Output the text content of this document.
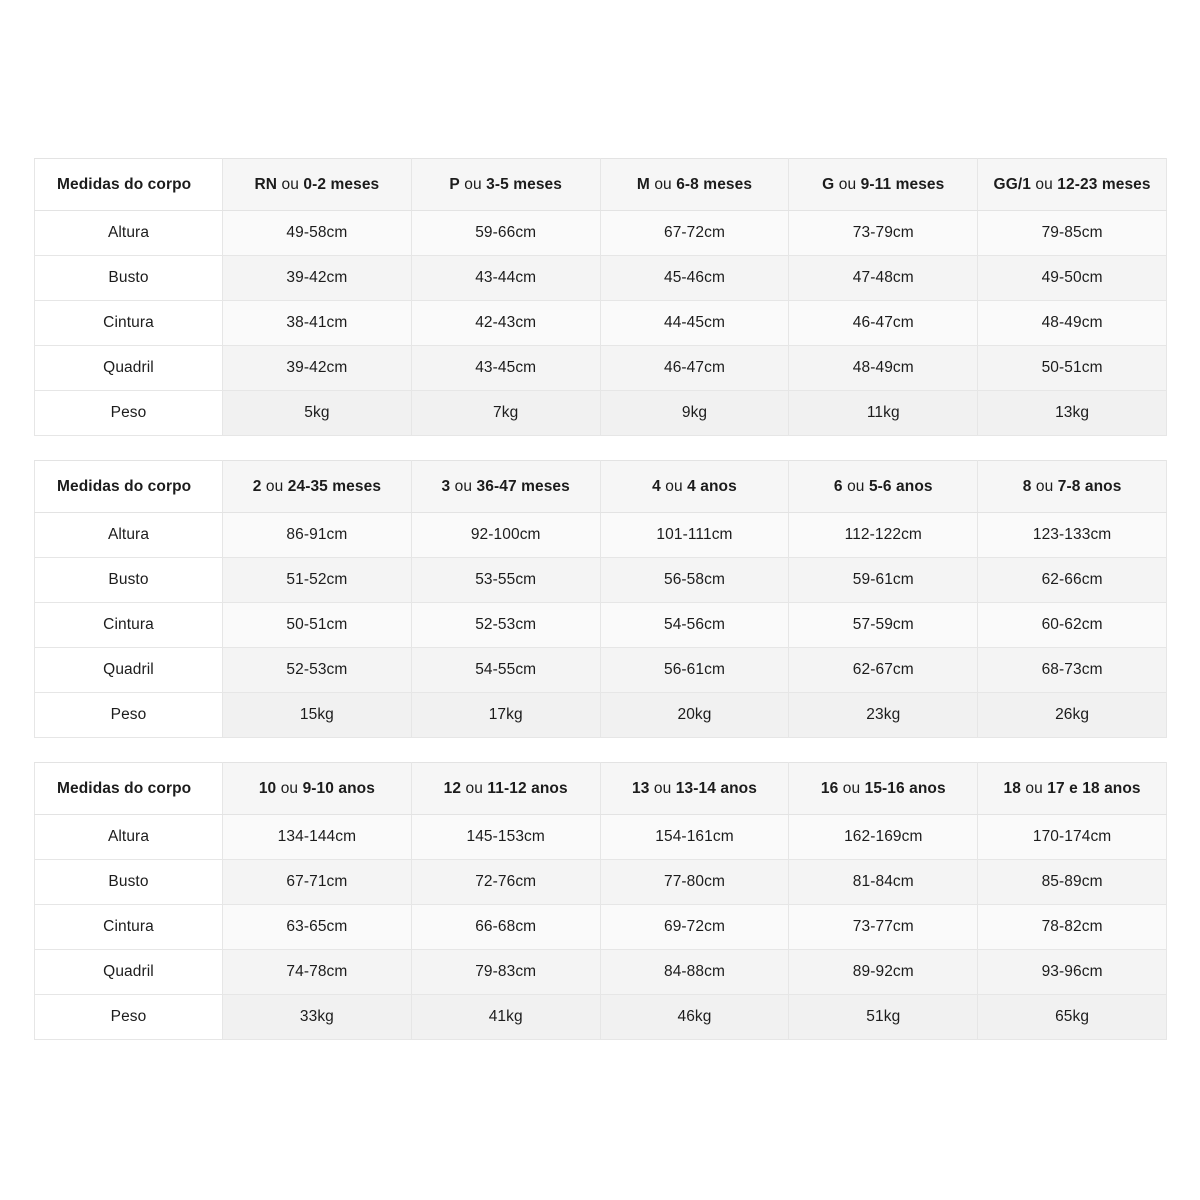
Medidas do corpo	RN ou 0-2 meses	P ou 3-5 meses	M ou 6-8 meses	G ou 9-11 meses	GG/1 ou 12-23 meses
Altura	49-58cm	59-66cm	67-72cm	73-79cm	79-85cm
Busto	39-42cm	43-44cm	45-46cm	47-48cm	49-50cm
Cintura	38-41cm	42-43cm	44-45cm	46-47cm	48-49cm
Quadril	39-42cm	43-45cm	46-47cm	48-49cm	50-51cm
Peso	5kg	7kg	9kg	11kg	13kg
Medidas do corpo	2 ou 24-35 meses	3 ou 36-47 meses	4 ou 4 anos	6 ou 5-6 anos	8 ou 7-8 anos
Altura	86-91cm	92-100cm	101-111cm	112-122cm	123-133cm
Busto	51-52cm	53-55cm	56-58cm	59-61cm	62-66cm
Cintura	50-51cm	52-53cm	54-56cm	57-59cm	60-62cm
Quadril	52-53cm	54-55cm	56-61cm	62-67cm	68-73cm
Peso	15kg	17kg	20kg	23kg	26kg
Medidas do corpo	10 ou 9-10 anos	12 ou 11-12 anos	13 ou 13-14 anos	16 ou 15-16 anos	18 ou 17 e 18 anos
Altura	134-144cm	145-153cm	154-161cm	162-169cm	170-174cm
Busto	67-71cm	72-76cm	77-80cm	81-84cm	85-89cm
Cintura	63-65cm	66-68cm	69-72cm	73-77cm	78-82cm
Quadril	74-78cm	79-83cm	84-88cm	89-92cm	93-96cm
Peso	33kg	41kg	46kg	51kg	65kg
